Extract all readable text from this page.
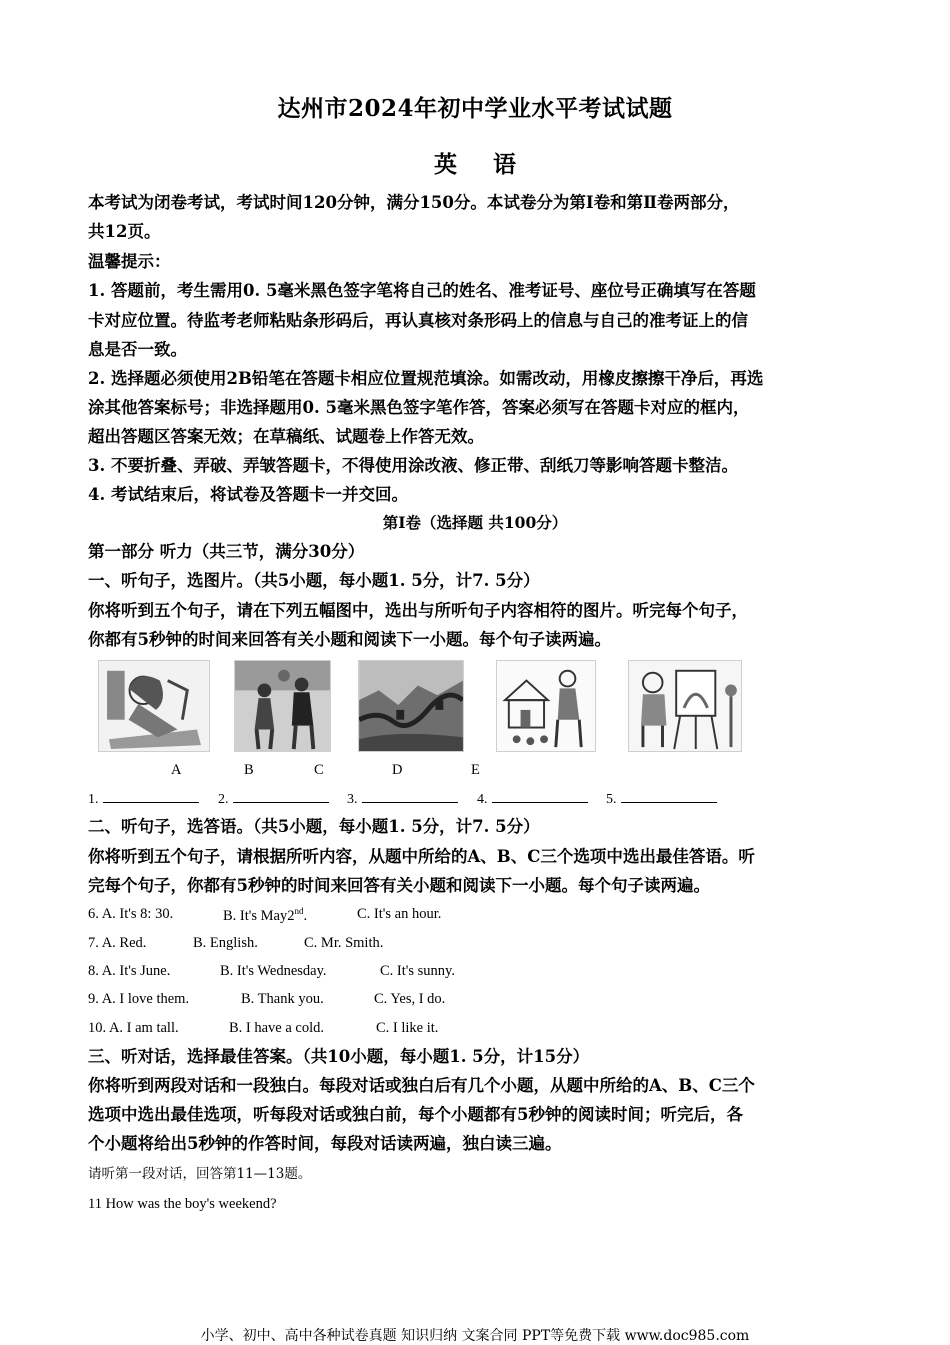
达州市2024年初中学业水平考试试题
英 语
本考试为闭卷考试，考试时间120分钟，满分150分。本试卷分为第Ⅰ卷和第Ⅱ卷两部分，
共12页。
温馨提示：
1. 答题前，考生需用0. 5毫米黑色签字笔将自己的姓名、准考证号、座位号正确填写在答题
卡对应位置。待监考老师粘贴条形码后，再认真核对条形码上的信息与自己的准考证上的信
息是否一致。
2. 选择题必须使用2B铅笔在答题卡相应位置规范填涂。如需改动，用橡皮擦擦干净后，再选
涂其他答案标号；非选择题用0. 5毫米黑色签字笔作答，答案必须写在答题卡对应的框内，
超出答题区答案无效；在草稿纸、试题卷上作答无效。
3. 不要折叠、弄破、弄皱答题卡，不得使用涂改液、修正带、刮纸刀等影响答题卡整洁。
4. 考试结束后，将试卷及答题卡一并交回。
第Ⅰ卷（选择题 共100分）
第一部分 听力（共三节，满分30分）
一、听句子，选图片。（共5小题，每小题1. 5分，计7. 5分）
你将听到五个句子，请在下列五幅图中，选出与所听句子内容相符的图片。听完每个句子，
你都有5秒钟的时间来回答有关小题和阅读下一小题。每个句子读两遍。
A	B	C	D	E
1.	2.	3.	4.	5.
二、听句子，选答语。（共5小题，每小题1. 5分，计7. 5分）
你将听到五个句子，请根据所听内容，从题中所给的A、B、C三个选项中选出最佳答语。听
完每个句子，你都有5秒钟的时间来回答有关小题和阅读下一小题。每个句子读两遍。
6. A. It's 8: 30.	B. It's May2nd.	C. It's an hour.
7. A. Red.	B. English.	C. Mr. Smith.
8. A. It's June.	B. It's Wednesday.	C. It's sunny.
9. A. I love them.	B. Thank you.	C. Yes, I do.
10. A. I am tall.	B. I have a cold.	C. I like it.
三、听对话，选择最佳答案。（共10小题，每小题1. 5分，计15分）
你将听到两段对话和一段独白。每段对话或独白后有几个小题，从题中所给的A、B、C三个
选项中选出最佳选项，听每段对话或独白前，每个小题都有5秒钟的阅读时间；听完后，各
个小题将给出5秒钟的作答时间，每段对话读两遍，独白读三遍。
请听第一段对话，回答第11—13题。
11 How was the boy's weekend?
小学、初中、高中各种试卷真题 知识归纳 文案合同 PPT等免费下载 www.doc985.com
